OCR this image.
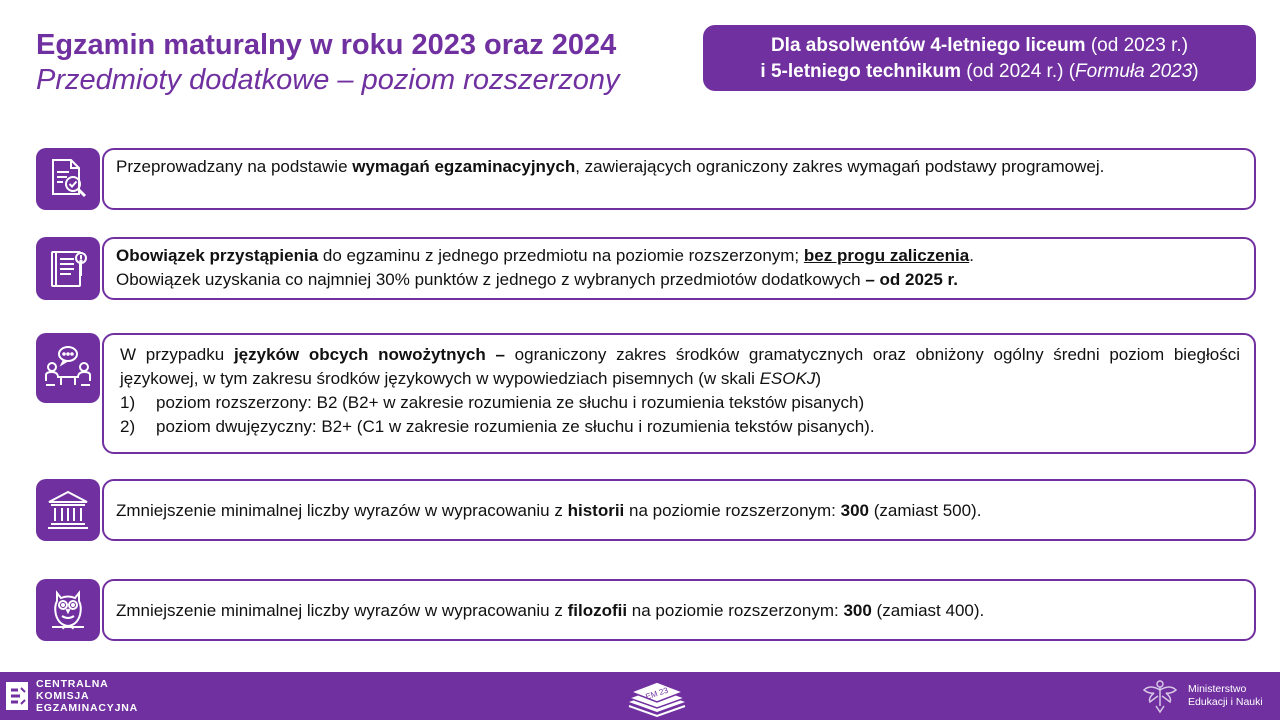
Egzamin maturalny w roku 2023 oraz 2024
Przedmioty dodatkowe – poziom rozszerzony
Dla absolwentów 4-letniego liceum (od 2023 r.)
i 5-letniego technikum (od 2024 r.) (Formuła 2023)
Przeprowadzany na podstawie wymagań egzaminacyjnych, zawierających ograniczony zakres wymagań podstawy programowej.
Obowiązek przystąpienia do egzaminu z jednego przedmiotu na poziomie rozszerzonym; bez progu zaliczenia.
Obowiązek uzyskania co najmniej 30% punktów z jednego z wybranych przedmiotów dodatkowych – od 2025 r.
W przypadku języków obcych nowożytnych – ograniczony zakres środków gramatycznych oraz obniżony ogólny średni poziom biegłości językowej, w tym zakresu środków językowych w wypowiedziach pisemnych (w skali ESOKJ)
1)	poziom rozszerzony: B2 (B2+ w zakresie rozumienia ze słuchu i rozumienia tekstów pisanych)
2)	poziom dwujęzyczny: B2+ (C1 w zakresie rozumienia ze słuchu i rozumienia tekstów pisanych).
Zmniejszenie minimalnej liczby wyrazów w wypracowaniu z historii na poziomie rozszerzonym: 300 (zamiast 500).
Zmniejszenie minimalnej liczby wyrazów w wypracowaniu z filozofii na poziomie rozszerzonym: 300 (zamiast 400).
CENTRALNA
KOMISJA
EGZAMINACYJNA
EM 23	Ministerstwo
Edukacji i Nauki
